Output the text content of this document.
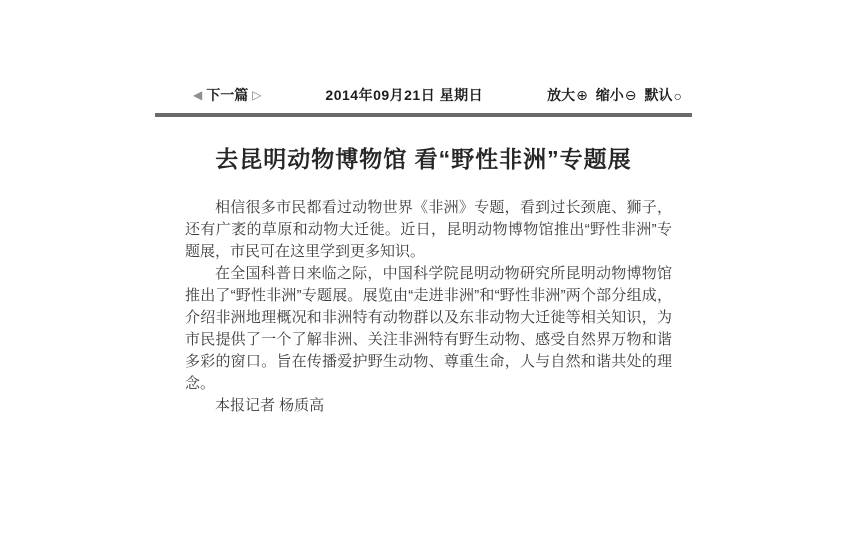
◀ 下一篇 ▷	2014年09月21日 星期日	放大 ⊕ 缩小 ⊖ 默认 ○
去昆明动物博物馆 看“野性非洲”专题展

相信很多市民都看过动物世界《非洲》专题，看到过长颈鹿、狮子，还有广袤的草原和动物大迁徙。近日，昆明动物博物馆推出“野性非洲”专题展，市民可在这里学到更多知识。

在全国科普日来临之际，中国科学院昆明动物研究所昆明动物博物馆推出了“野性非洲”专题展。展览由“走进非洲”和“野性非洲”两个部分组成，介绍非洲地理概况和非洲特有动物群以及东非动物大迁徙等相关知识，为市民提供了一个了解非洲、关注非洲特有野生动物、感受自然界万物和谐多彩的窗口。旨在传播爱护野生动物、尊重生命，人与自然和谐共处的理念。

本报记者 杨质高
